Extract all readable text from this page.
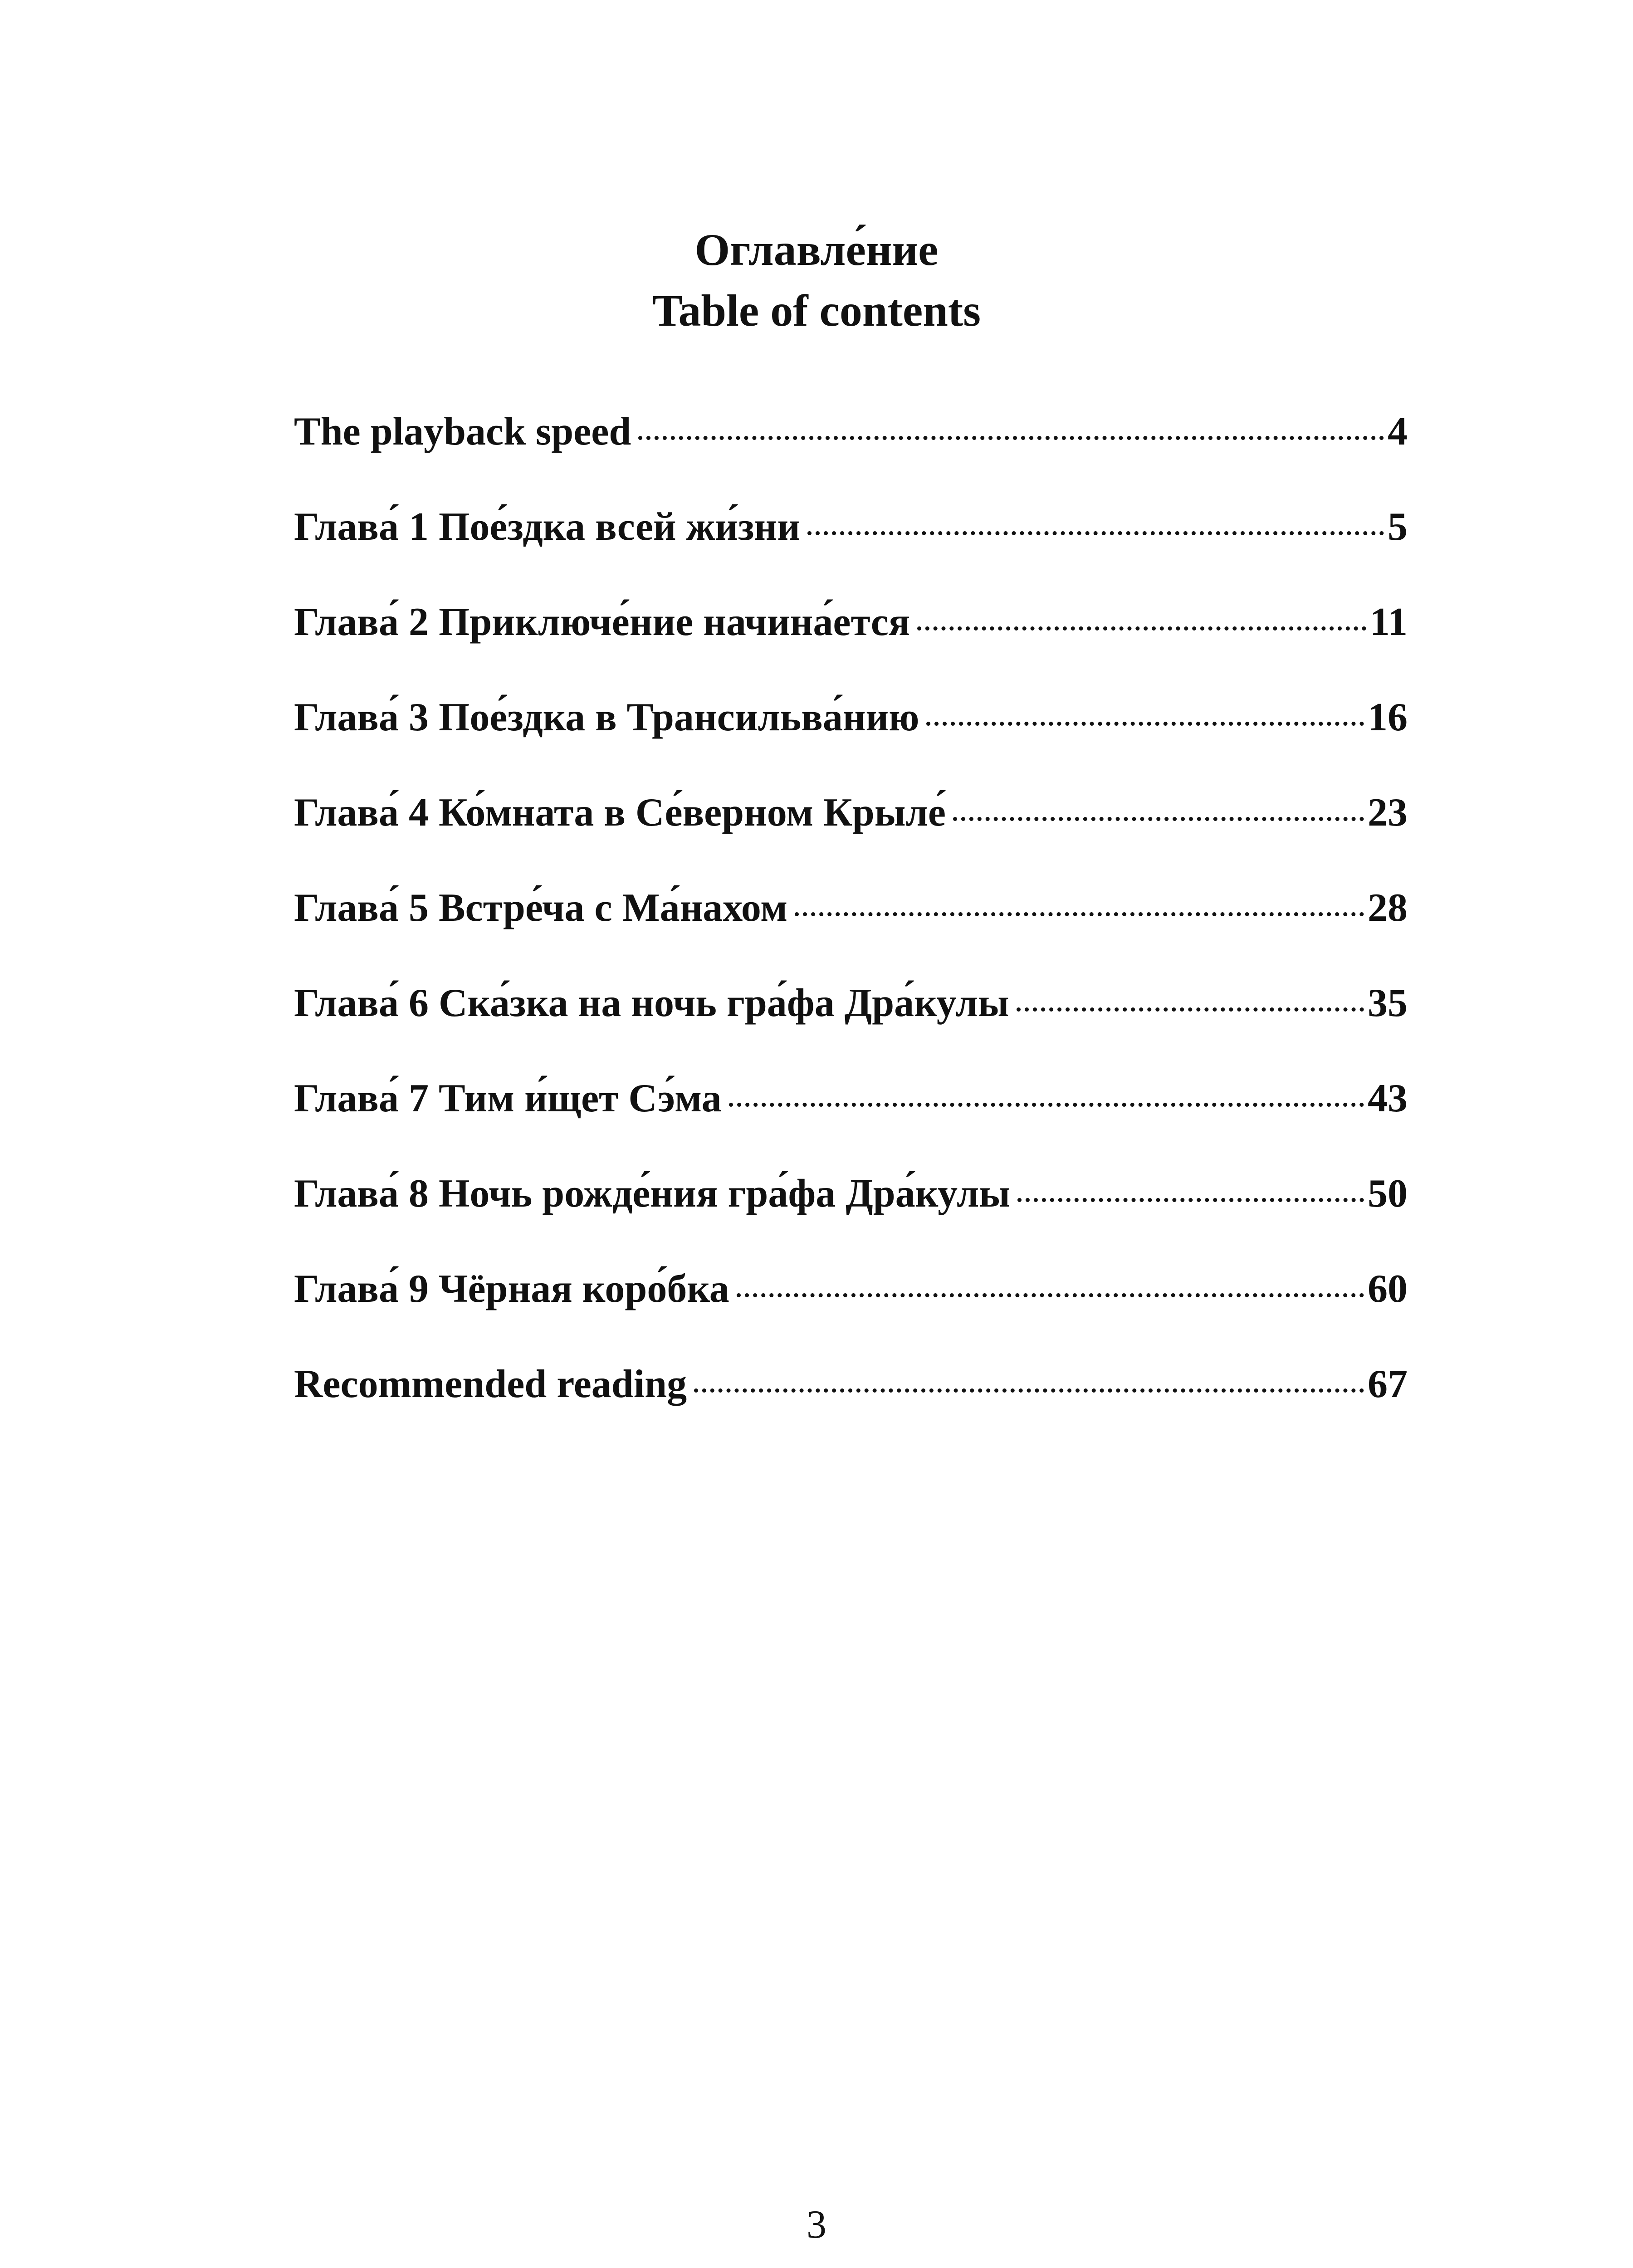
Оглавле́ние
Table of contents
The playback speed	4
Глава́ 1 Пое́здка всей жи́зни	5
Глава́ 2 Приключе́ние начина́ется	11
Глава́ 3 Пое́здка в Трансильва́нию	16
Глава́ 4 Ко́мната в Се́верном Крыле́	23
Глава́ 5 Встре́ча с Ма́нахом	28
Глава́ 6 Ска́зка на ночь гра́фа Дра́кулы	35
Глава́ 7 Тим и́щет Сэ́ма	43
Глава́ 8 Ночь рожде́ния гра́фа Дра́кулы	50
Глава́ 9 Чёрная коро́бка	60
Recommended reading	67
3
